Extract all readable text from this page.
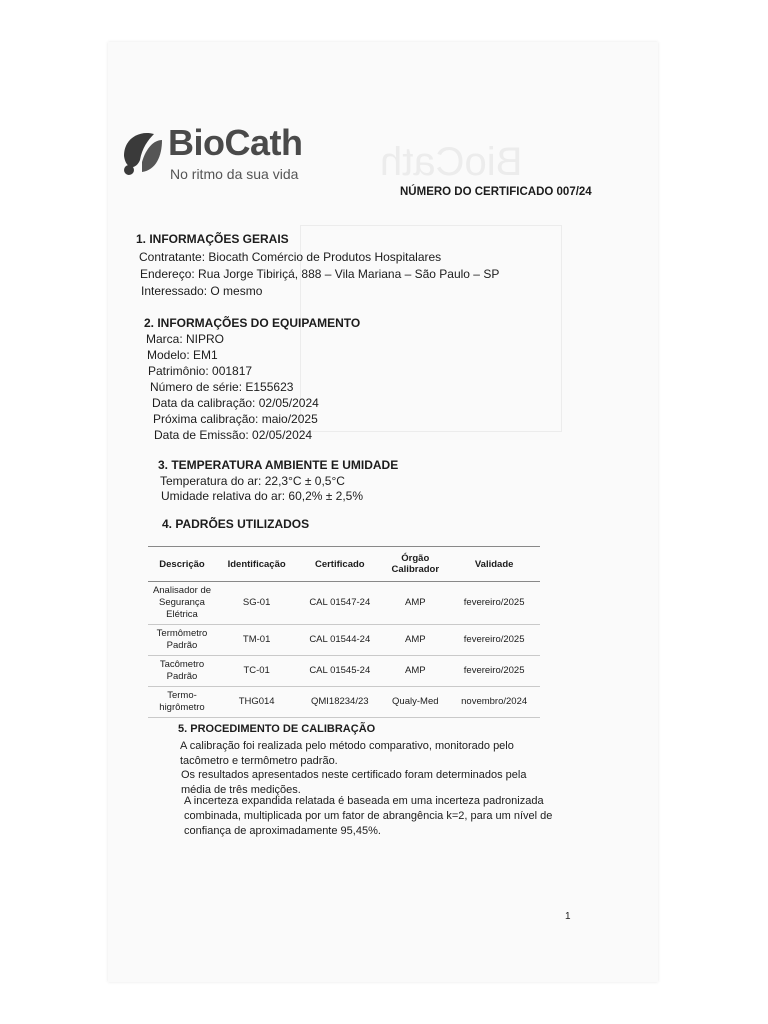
BioCath
BioCath
No ritmo da sua vida
NÚMERO DO CERTIFICADO 007/24
1. INFORMAÇÕES GERAIS
Contratante: Biocath Comércio de Produtos Hospitalares
Endereço: Rua Jorge Tibiriçá, 888 – Vila Mariana – São Paulo – SP
Interessado: O mesmo
2. INFORMAÇÕES DO EQUIPAMENTO
Marca: NIPRO
Modelo: EM1
Patrimônio: 001817
Número de série: E155623
Data da calibração: 02/05/2024
Próxima calibração: maio/2025
Data de Emissão: 02/05/2024
3. TEMPERATURA AMBIENTE E UMIDADE
Temperatura do ar: 22,3°C ± 0,5°C
Umidade relativa do ar: 60,2% ± 2,5%
4. PADRÕES UTILIZADOS
Descrição	Identificação	Certificado	Órgão Calibrador	Validade
Analisador de Segurança Elétrica	SG-01	CAL 01547-24	AMP	fevereiro/2025
Termômetro Padrão	TM-01	CAL 01544-24	AMP	fevereiro/2025
Tacômetro Padrão	TC-01	CAL 01545-24	AMP	fevereiro/2025
Termo-higrômetro	THG014	QMI18234/23	Qualy-Med	novembro/2024
5. PROCEDIMENTO DE CALIBRAÇÃO
A calibração foi realizada pelo método comparativo, monitorado pelo tacômetro e termômetro padrão.
Os resultados apresentados neste certificado foram determinados pela média de três medições.
A incerteza expandida relatada é baseada em uma incerteza padronizada combinada, multiplicada por um fator de abrangência k=2, para um nível de confiança de aproximadamente 95,45%.
1
